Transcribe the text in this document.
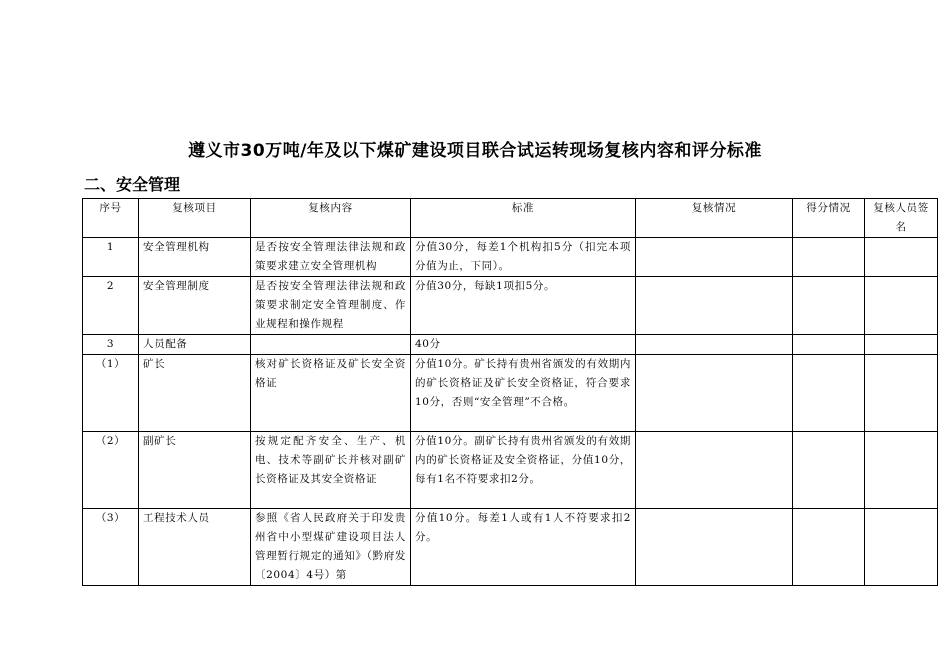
遵义市30万吨/年及以下煤矿建设项目联合试运转现场复核内容和评分标准
二、安全管理
序号	复核项目	复核内容	标准	复核情况	得分情况	复核人员签名
1	安全管理机构	是否按安全管理法律法规和政策要求建立安全管理机构	分值30分，每差1个机构扣5分（扣完本项分值为止，下同）。			
2	安全管理制度	是否按安全管理法律法规和政策要求制定安全管理制度、作业规程和操作规程	分值30分，每缺1项扣5分。			
3	人员配备		40分			
（1）	矿长	核对矿长资格证及矿长安全资格证	分值10分。矿长持有贵州省颁发的有效期内的矿长资格证及矿长安全资格证，符合要求10分，否则“安全管理”不合格。			
（2）	副矿长	按规定配齐安全、生产、机电、技术等副矿长并核对副矿长资格证及其安全资格证	分值10分。副矿长持有贵州省颁发的有效期内的矿长资格证及安全资格证，分值10分，每有1名不符要求扣2分。			
（3）	工程技术人员	参照《省人民政府关于印发贵州省中小型煤矿建设项目法人管理暂行规定的通知》（黔府发〔2004〕4号）第	分值10分。每差1人或有1人不符要求扣2分。			
